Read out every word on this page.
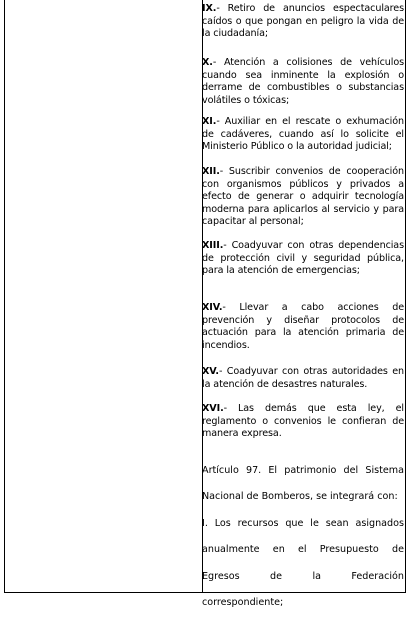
IX.- Retiro de anuncios espectaculares caídos o que pongan en peligro la vida de la ciudadanía;

X.- Atención a colisiones de vehículos cuando sea inminente la explosión o derrame de combustibles o substancias volátiles o tóxicas;

XI.- Auxiliar en el rescate o exhumación de cadáveres, cuando así lo solicite el Ministerio Público o la autoridad judicial;

XII.- Suscribir convenios de cooperación con organismos públicos y privados a efecto de generar o adquirir tecnología moderna para aplicarlos al servicio y para capacitar al personal;

XIII.- Coadyuvar con otras dependencias de protección civil y seguridad pública, para la atención de emergencias;

XIV.- Llevar a cabo acciones de prevención y diseñar protocolos de actuación para la atención primaria de incendios.

XV.- Coadyuvar con otras autoridades en la atención de desastres naturales.

XVI.- Las demás que esta ley, el reglamento o convenios le confieran de manera expresa.

Artículo 97. El patrimonio del Sistema Nacional de Bomberos, se integrará con:

I. Los recursos que le sean asignados anualmente en el Presupuesto de Egresos de la Federación correspondiente;
